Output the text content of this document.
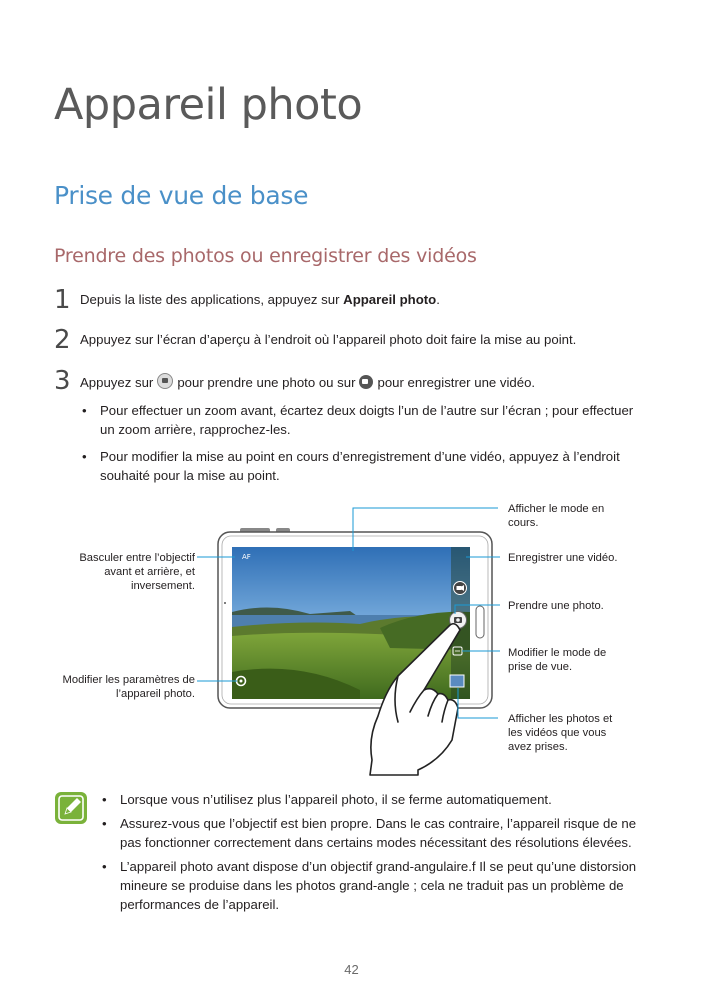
Appareil photo
Prise de vue de base
Prendre des photos ou enregistrer des vidéos
1 Depuis la liste des applications, appuyez sur Appareil photo.
2 Appuyez sur l’écran d’aperçu à l’endroit où l’appareil photo doit faire la mise au point.
3 Appuyez sur pour prendre une photo ou sur pour enregistrer une vidéo.
• Pour effectuer un zoom avant, écartez deux doigts l’un de l’autre sur l’écran ; pour effectuer un zoom arrière, rapprochez-les.
• Pour modifier la mise au point en cours d’enregistrement d’une vidéo, appuyez à l’endroit souhaité pour la mise au point.
AF
Afficher le mode en cours.
Enregistrer une vidéo.
Prendre une photo.
Modifier le mode de prise de vue.
Afficher les photos et les vidéos que vous avez prises.
Basculer entre l’objectif avant et arrière, et inversement.
Modifier les paramètres de l’appareil photo.
• Lorsque vous n’utilisez plus l’appareil photo, il se ferme automatiquement.
• Assurez-vous que l’objectif est bien propre. Dans le cas contraire, l’appareil risque de ne pas fonctionner correctement dans certains modes nécessitant des résolutions élevées.
• L’appareil photo avant dispose d’un objectif grand-angulaire.f Il se peut qu’une distorsion mineure se produise dans les photos grand-angle ; cela ne traduit pas un problème de performances de l’appareil.
42
